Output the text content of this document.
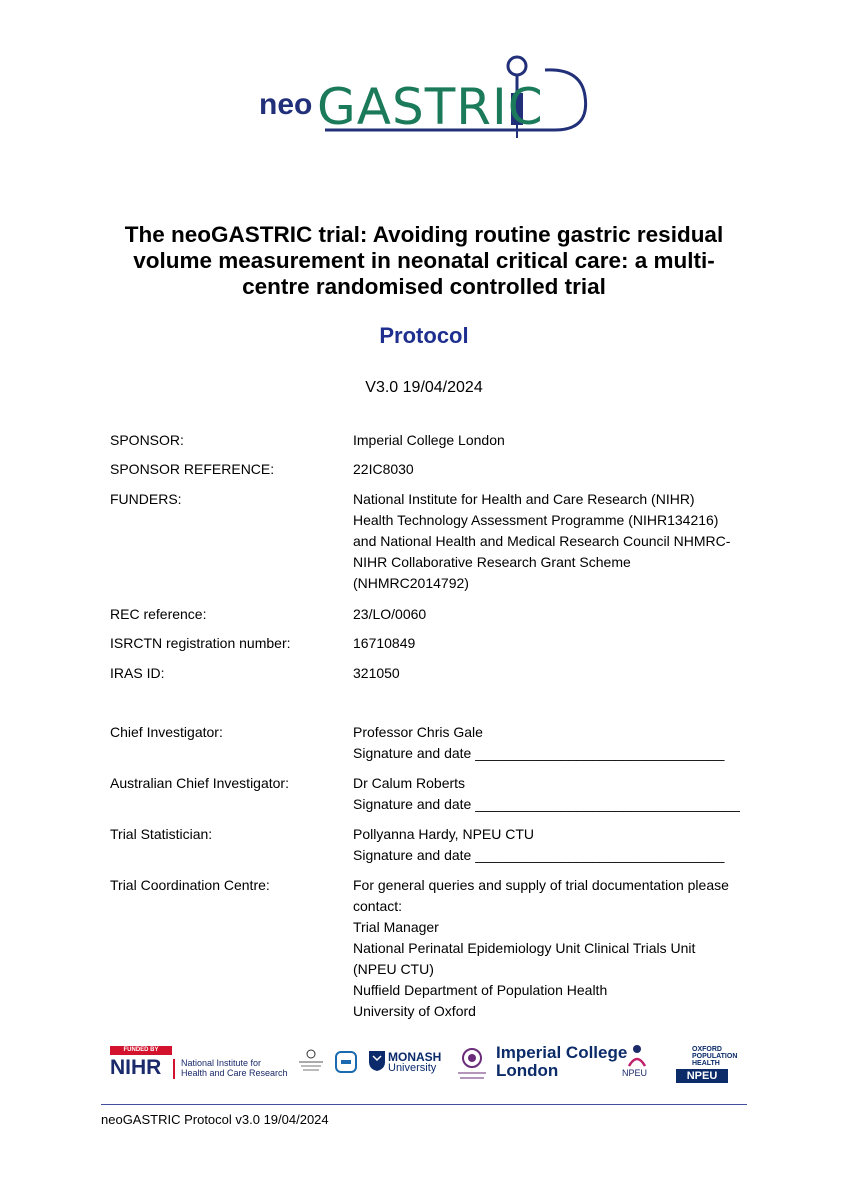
neo GASTRIC
The neoGASTRIC trial: Avoiding routine gastric residual
volume measurement in neonatal critical care: a multi-
centre randomised controlled trial
Protocol
V3.0 19/04/2024
SPONSOR:	Imperial College London
SPONSOR REFERENCE:	22IC8030
FUNDERS:	National Institute for Health and Care Research (NIHR)
Health Technology Assessment Programme (NIHR134216)
and National Health and Medical Research Council NHMRC-
NIHR Collaborative Research Grant Scheme
(NHMRC2014792)
REC reference:	23/LO/0060
ISRCTN registration number:	16710849
IRAS ID:	321050
Chief Investigator:	Professor Chris Gale
Signature and date ________________________________
Australian Chief Investigator:	Dr Calum Roberts
Signature and date __________________________________
Trial Statistician:	Pollyanna Hardy, NPEU CTU
Signature and date ________________________________
Trial Coordination Centre:	For general queries and supply of trial documentation please
contact:
Trial Manager
National Perinatal Epidemiology Unit Clinical Trials Unit
(NPEU CTU)
Nuffield Department of Population Health
University of Oxford
FUNDED BY
NIHR National Institute for
Health and Care Research
MONASH
University
Imperial College
London	NPEU
OXFORD
POPULATION
HEALTH
NPEU
neoGASTRIC Protocol v3.0 19/04/2024
